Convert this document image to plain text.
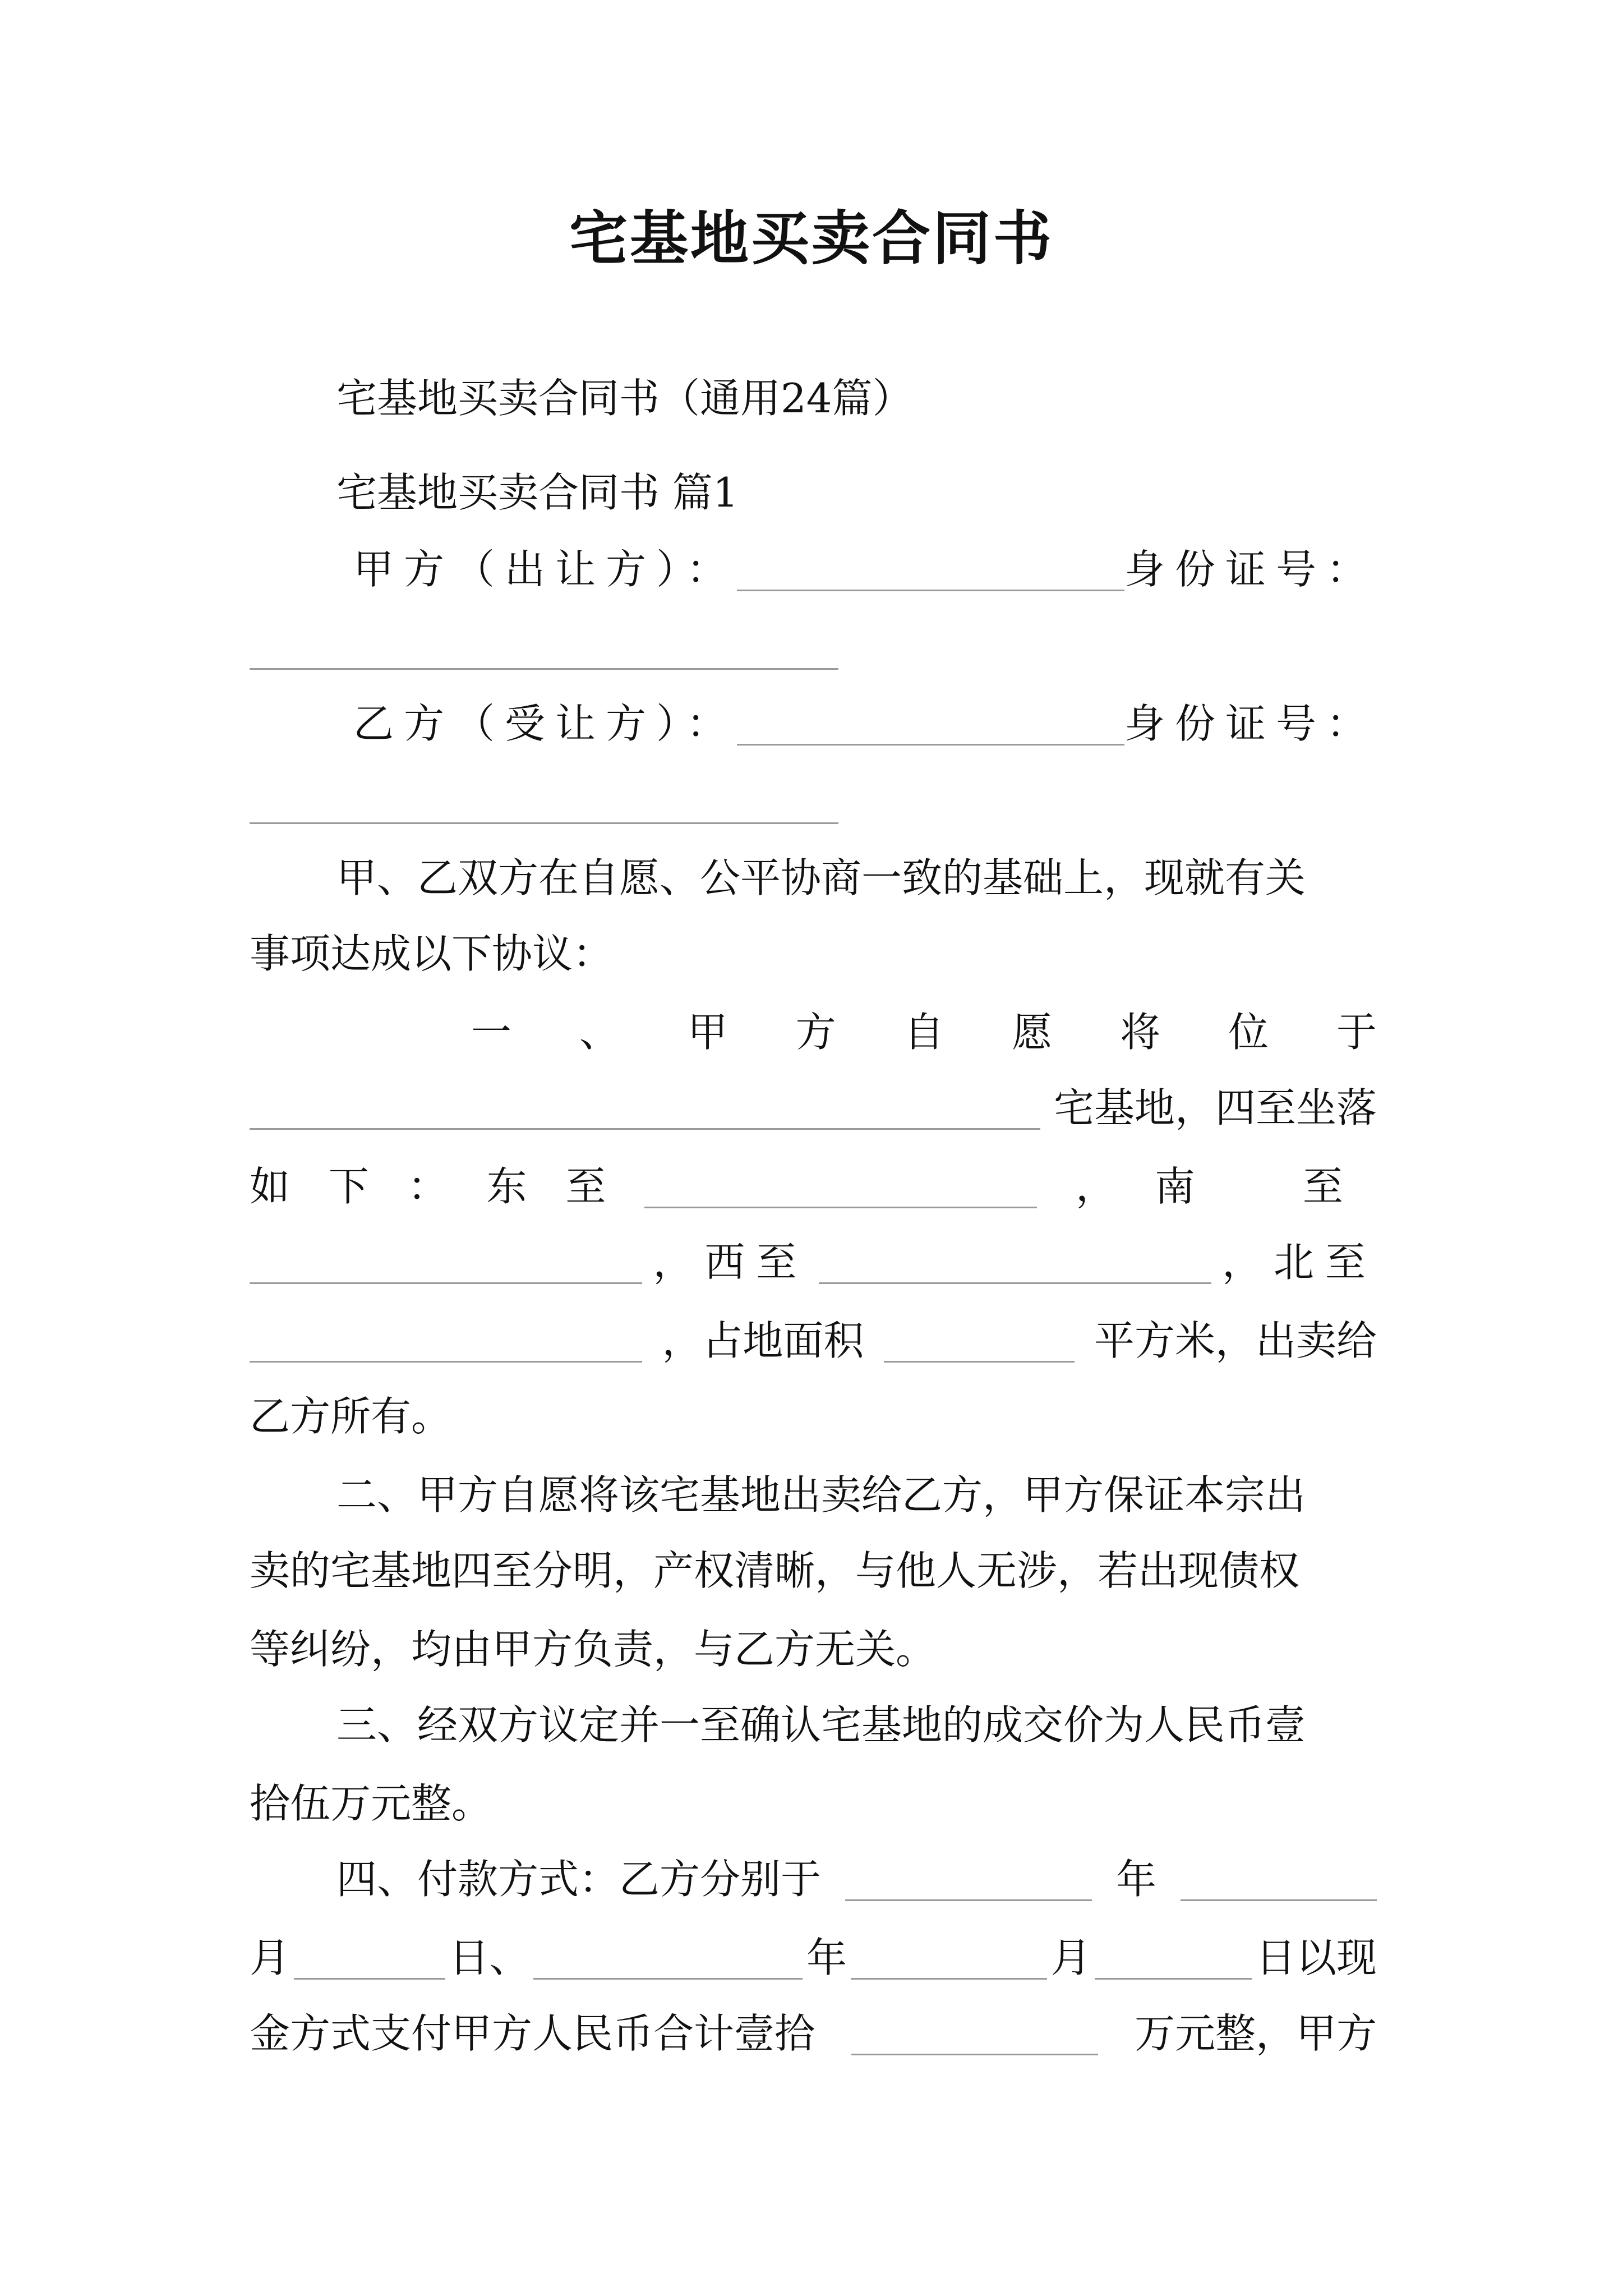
宅基地买卖合同书
宅基地买卖合同书（通用24篇）
宅基地买卖合同书 篇1
甲方（出让方）：	身份证号：
乙方（受让方）：	身份证号：
甲、乙双方在自愿、公平协商一致的基础上，现就有关
事项达成以下协议：
一 、 甲 方 自 愿 将 位 于
宅基地，四至坐落
如 下 ： 东 至	， 南　至
，西至	，北至
，占地面积	平方米，出卖给
乙方所有。
二、甲方自愿将该宅基地出卖给乙方，甲方保证本宗出
卖的宅基地四至分明，产权清晰，与他人无涉，若出现债权
等纠纷，均由甲方负责，与乙方无关。
三、经双方议定并一至确认宅基地的成交价为人民币壹
拾伍万元整。
四、付款方式：乙方分别于	年
月	日、	年	月	日以现
金方式支付甲方人民币合计壹拾	万元整，甲方
